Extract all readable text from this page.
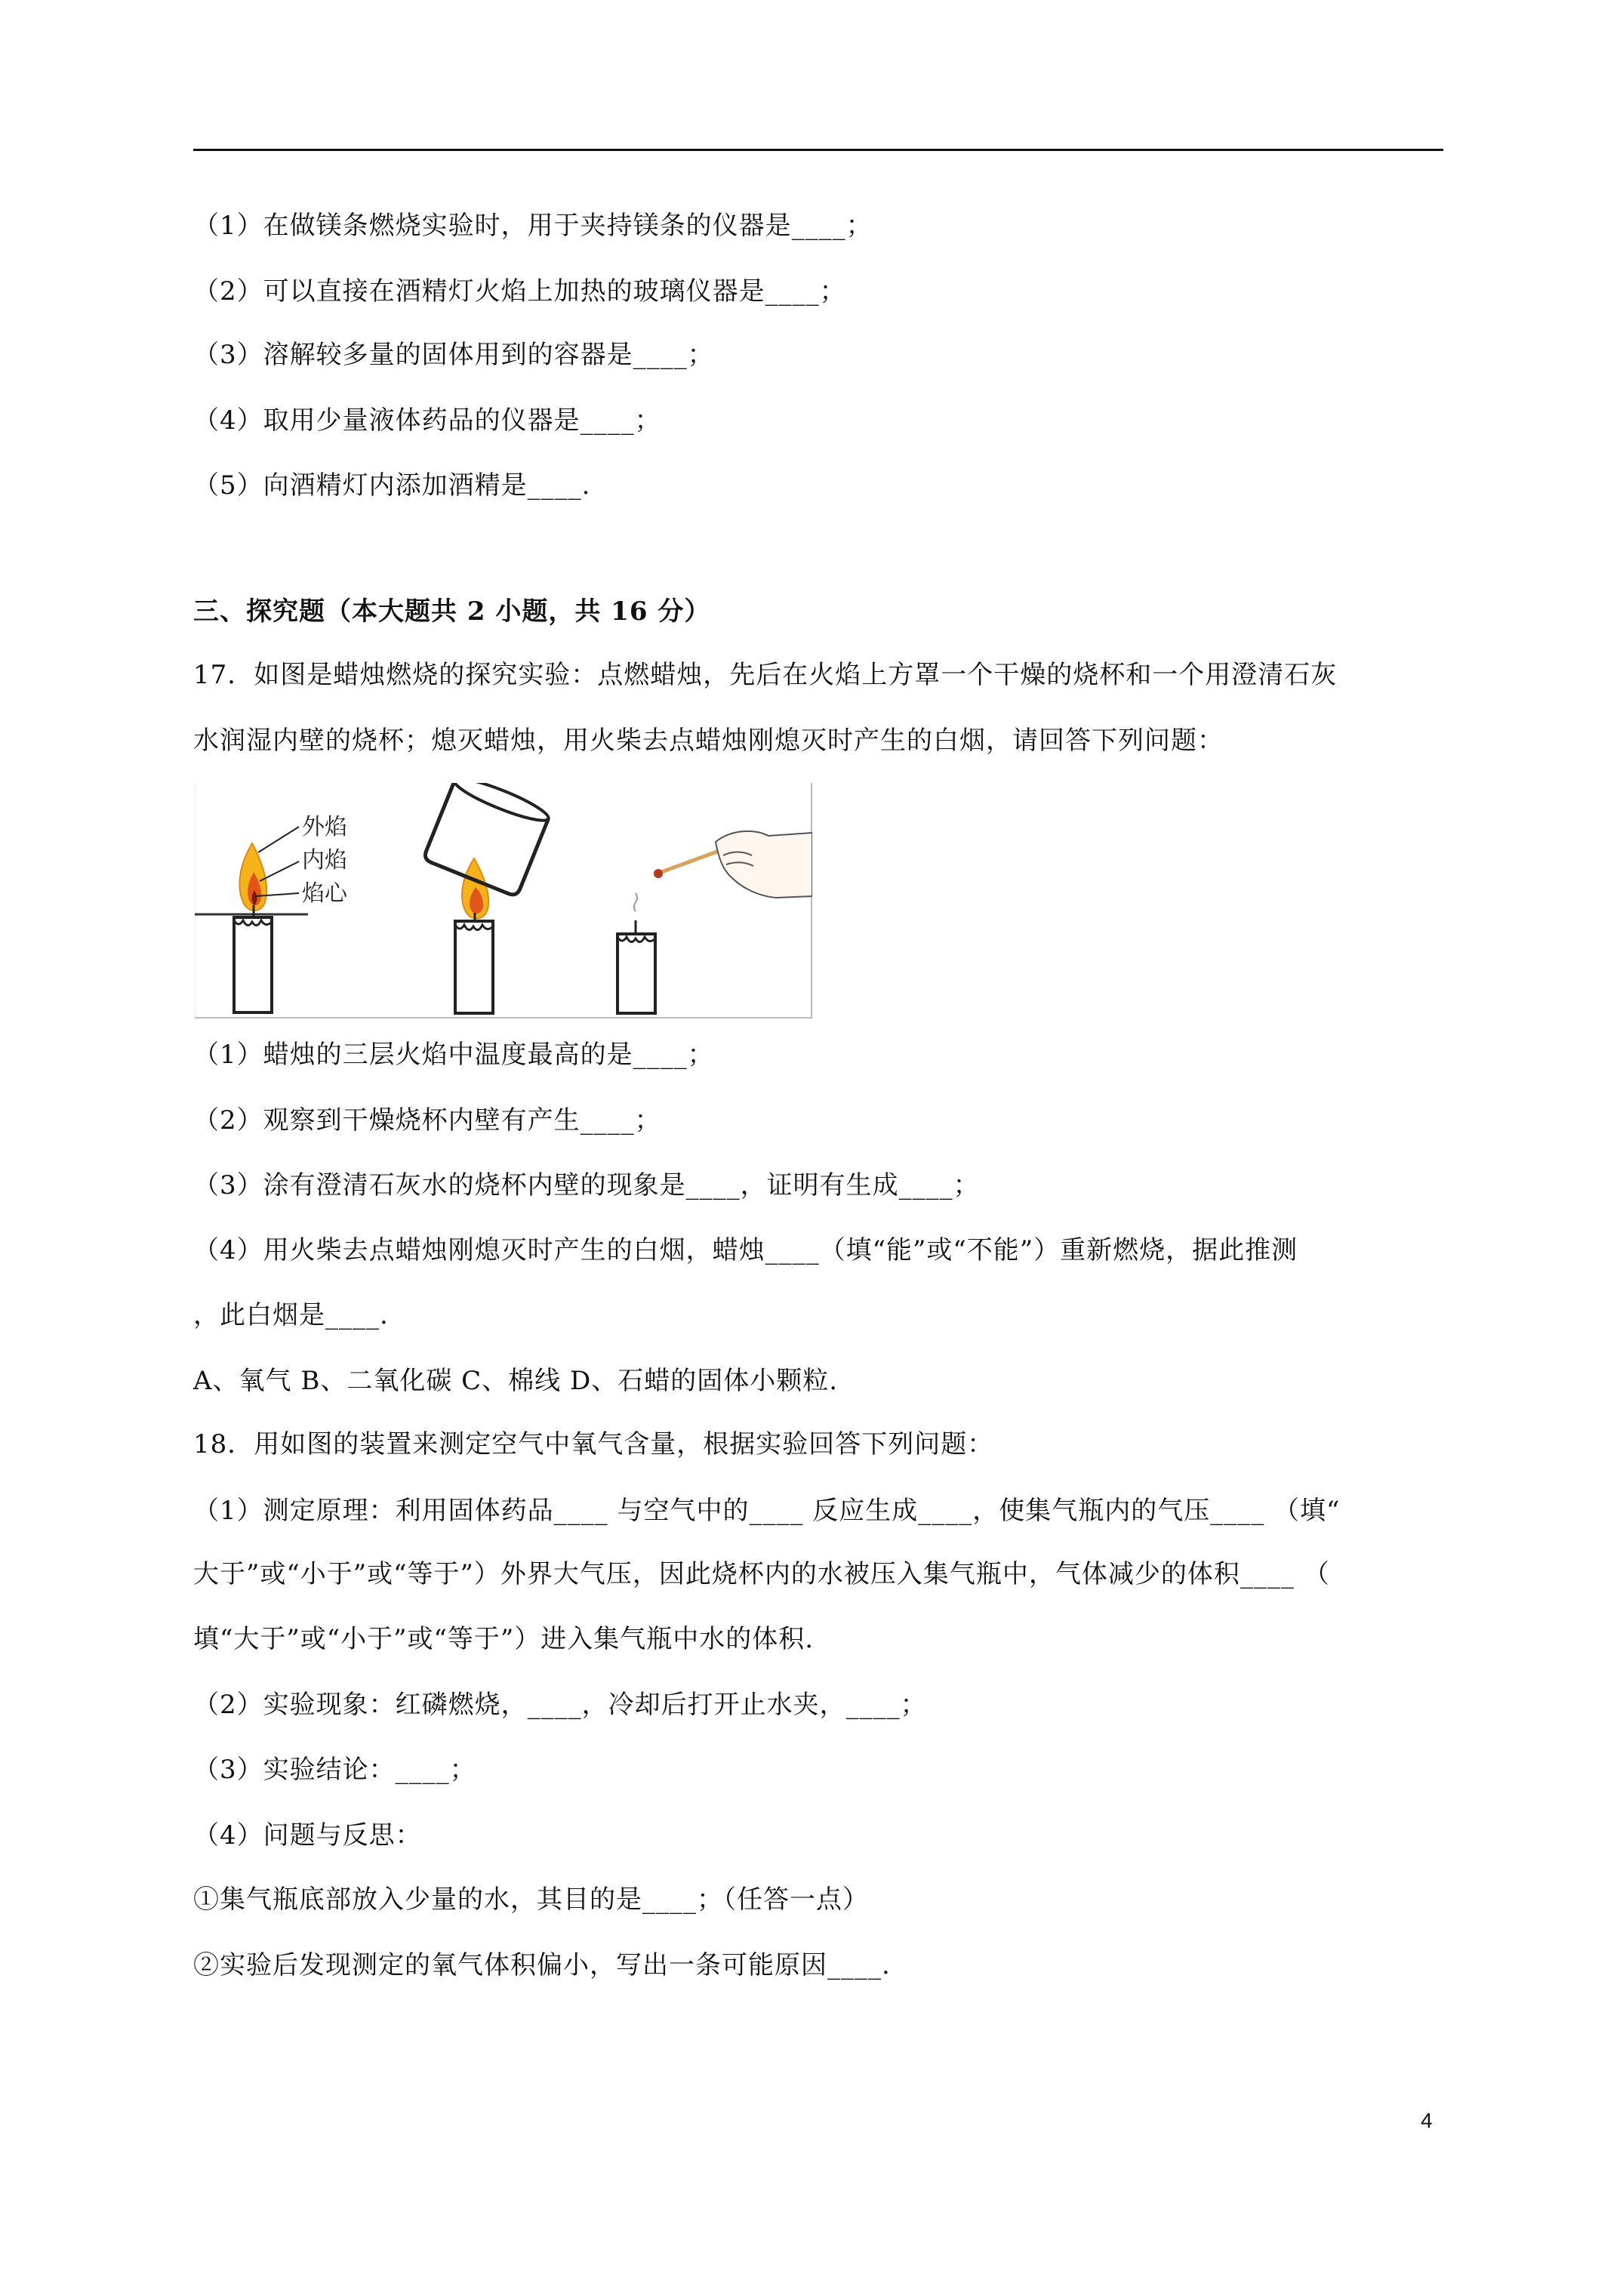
（1）在做镁条燃烧实验时，用于夹持镁条的仪器是____；
（2）可以直接在酒精灯火焰上加热的玻璃仪器是____；
（3）溶解较多量的固体用到的容器是____；
（4）取用少量液体药品的仪器是____；
（5）向酒精灯内添加酒精是____.
三、探究题（本大题共 2 小题，共 16 分）
17．如图是蜡烛燃烧的探究实验：点燃蜡烛，先后在火焰上方罩一个干燥的烧杯和一个用澄清石灰
水润湿内壁的烧杯；熄灭蜡烛，用火柴去点蜡烛刚熄灭时产生的白烟，请回答下列问题：
外焰
内焰
焰心
（1）蜡烛的三层火焰中温度最高的是____；
（2）观察到干燥烧杯内壁有产生____；
（3）涂有澄清石灰水的烧杯内壁的现象是____，证明有生成____；
（4）用火柴去点蜡烛刚熄灭时产生的白烟，蜡烛____（填“能”或“不能”）重新燃烧，据此推测
，此白烟是____.
A、氧气 B、二氧化碳 C、棉线 D、石蜡的固体小颗粒.
18．用如图的装置来测定空气中氧气含量，根据实验回答下列问题：
（1）测定原理：利用固体药品____ 与空气中的____ 反应生成____，使集气瓶内的气压____ （填“
大于”或“小于”或“等于”）外界大气压，因此烧杯内的水被压入集气瓶中，气体减少的体积____ （
填“大于”或“小于”或“等于”）进入集气瓶中水的体积.
（2）实验现象：红磷燃烧，____，冷却后打开止水夹，____；
（3）实验结论：____；
（4）问题与反思：
①集气瓶底部放入少量的水，其目的是____；（任答一点）
②实验后发现测定的氧气体积偏小，写出一条可能原因____.
4
